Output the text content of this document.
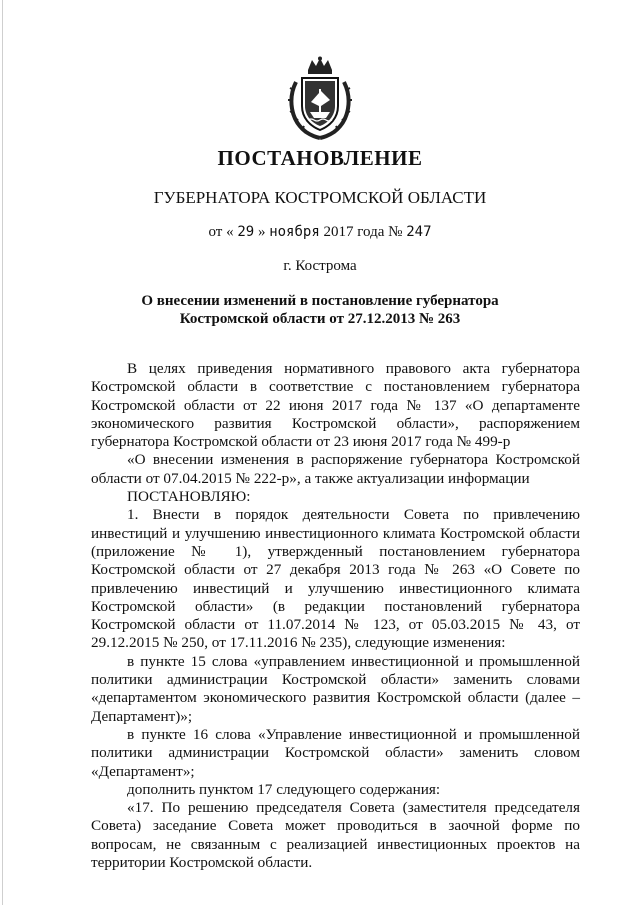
ПОСТАНОВЛЕНИЕ
ГУБЕРНАТОРА КОСТРОМСКОЙ ОБЛАСТИ
от « 29 » ноября 2017 года № 247
г. Кострома
О внесении изменений в постановление губернатора
Костромской области от 27.12.2013 № 263

В целях приведения нормативного правового акта губернатора Костромской области в соответствие с постановлением губернатора Костромской области от 22 июня 2017 года № 137 «О департаменте экономического развития Костромской области», распоряжением губернатора Костромской области от 23 июня 2017 года № 499-р

«О внесении изменения в распоряжение губернатора Костромской области от 07.04.2015 № 222-р», а также актуализации информации

ПОСТАНОВЛЯЮ:

1. Внести в порядок деятельности Совета по привлечению инвестиций и улучшению инвестиционного климата Костромской области (приложение № 1), утвержденный постановлением губернатора Костромской области от 27 декабря 2013 года № 263 «О Совете по привлечению инвестиций и улучшению инвестиционного климата Костромской области» (в редакции постановлений губернатора Костромской области от 11.07.2014 № 123, от 05.03.2015 № 43, от 29.12.2015 № 250, от 17.11.2016 № 235), следующие изменения:

в пункте 15 слова «управлением инвестиционной и промышленной политики администрации Костромской области» заменить словами «департаментом экономического развития Костромской области (далее – Департамент)»;

в пункте 16 слова «Управление инвестиционной и промышленной политики администрации Костромской области» заменить словом «Департамент»;

дополнить пунктом 17 следующего содержания:

«17. По решению председателя Совета (заместителя председателя Совета) заседание Совета может проводиться в заочной форме по вопросам, не связанным с реализацией инвестиционных проектов на территории Костромской области.
